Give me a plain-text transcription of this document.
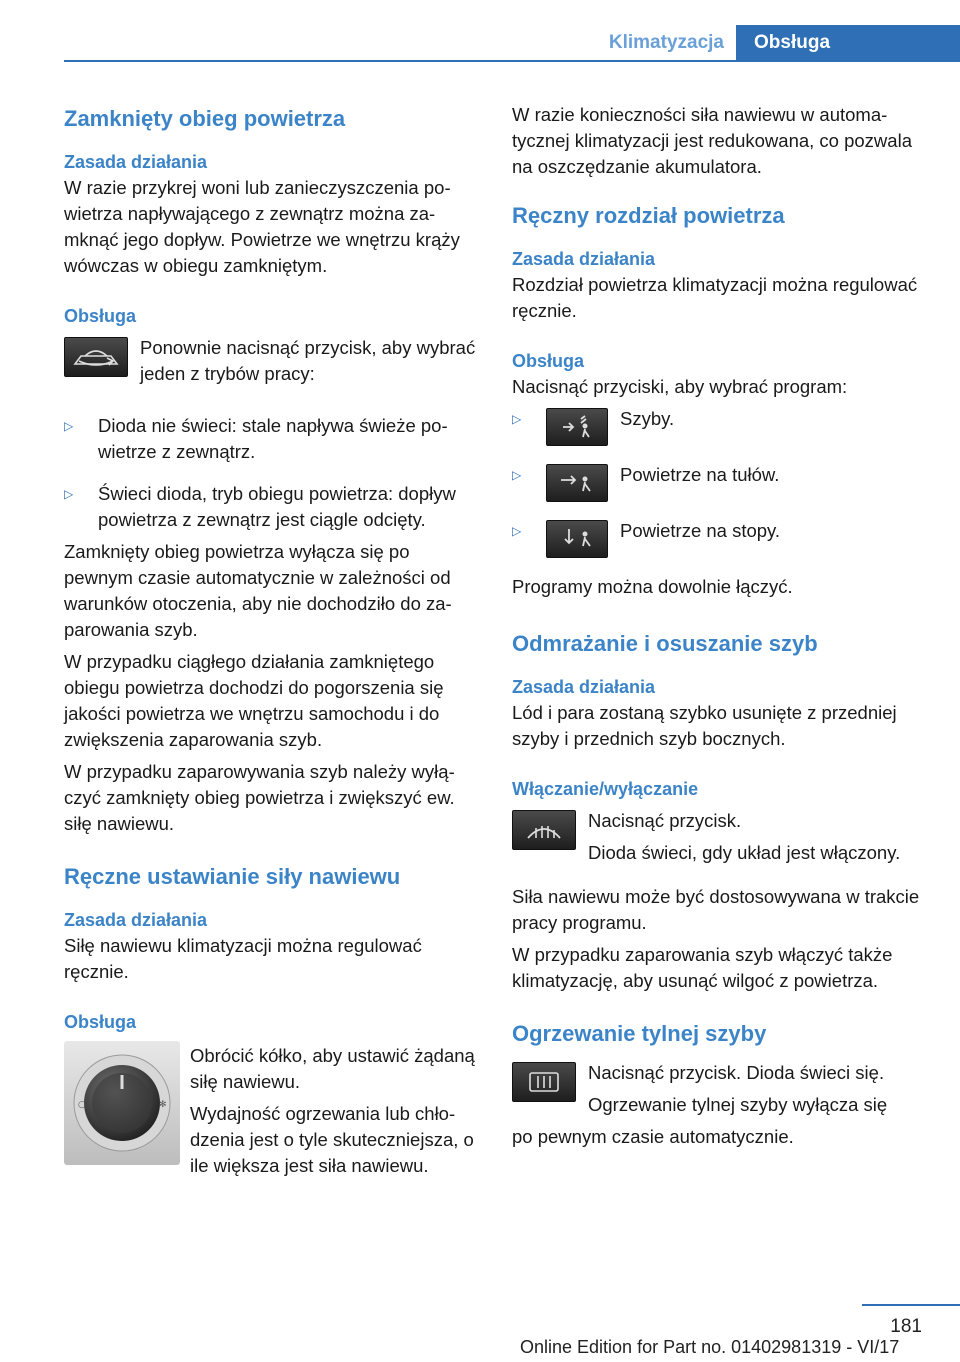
Klimatyzacja	Obsługa
Zamknięty obieg powietrza
Zasada działania
W razie przykrej woni lub zanieczyszczenia powietrza napływającego z zewnątrz można zamknąć jego dopływ. Powietrze we wnętrzu krąży wówczas w obiegu zamkniętym.
Obsługa
Ponownie nacisnąć przycisk, aby wybrać jeden z trybów pracy:
▷	Dioda nie świeci: stale napływa świeże powietrze z zewnątrz.
▷	Świeci dioda, tryb obiegu powietrza: dopływ powietrza z zewnątrz jest ciągle odcięty.
Zamknięty obieg powietrza wyłącza się po pewnym czasie automatycznie w zależności od warunków otoczenia, aby nie dochodziło do zaparowania szyb.
W przypadku ciągłego działania zamkniętego obiegu powietrza dochodzi do pogorszenia się jakości powietrza we wnętrzu samochodu i do zwiększenia zaparowania szyb.
W przypadku zaparowywania szyb należy wyłączyć zamknięty obieg powietrza i zwiększyć ew. siłę nawiewu.
Ręczne ustawianie siły nawiewu
Zasada działania
Siłę nawiewu klimatyzacji można regulować ręcznie.
Obsługa
○	✻
Obrócić kółko, aby ustawić żądaną siłę nawiewu.
Wydajność ogrzewania lub chłodzenia jest o tyle skuteczniejsza, o ile większa jest siła nawiewu.
W razie konieczności siła nawiewu w automatycznej klimatyzacji jest redukowana, co pozwala na oszczędzanie akumulatora.
Ręczny rozdział powietrza
Zasada działania
Rozdział powietrza klimatyzacji można regulować ręcznie.
Obsługa
Nacisnąć przyciski, aby wybrać program:
▷	Szyby.
▷	Powietrze na tułów.
▷	Powietrze na stopy.
Programy można dowolnie łączyć.
Odmrażanie i osuszanie szyb
Zasada działania
Lód i para zostaną szybko usunięte z przedniej szyby i przednich szyb bocznych.
Włączanie/wyłączanie
Nacisnąć przycisk.
Dioda świeci, gdy układ jest włączony.
Siła nawiewu może być dostosowywana w trakcie pracy programu.
W przypadku zaparowania szyb włączyć także klimatyzację, aby usunąć wilgoć z powietrza.
Ogrzewanie tylnej szyby
Nacisnąć przycisk. Dioda świeci się.
Ogrzewanie tylnej szyby wyłącza się
po pewnym czasie automatycznie.
181
Online Edition for Part no. 01402981319 - VI/17
